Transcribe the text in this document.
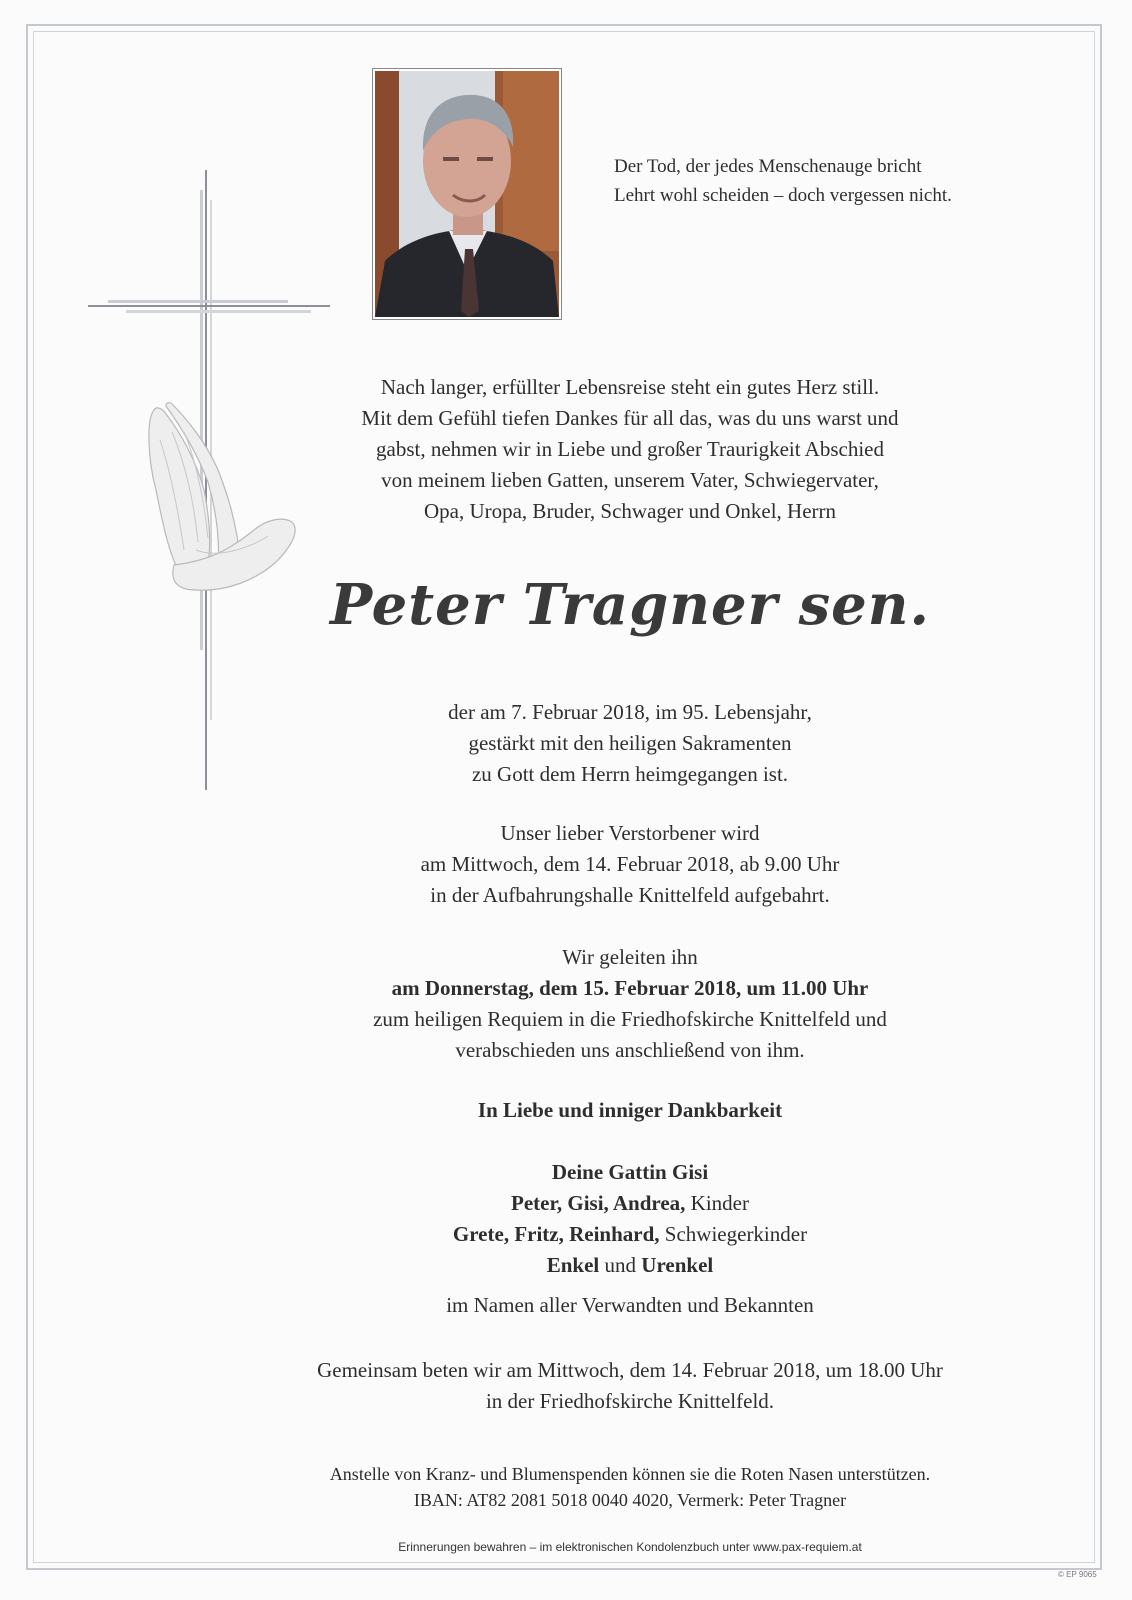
Der Tod, der jedes Menschenauge bricht
Lehrt wohl scheiden – doch vergessen nicht.
Nach langer, erfüllter Lebensreise steht ein gutes Herz still.
Mit dem Gefühl tiefen Dankes für all das, was du uns warst und
gabst, nehmen wir in Liebe und großer Traurigkeit Abschied
von meinem lieben Gatten, unserem Vater, Schwiegervater,
Opa, Uropa, Bruder, Schwager und Onkel, Herrn
Peter Tragner sen.
der am 7. Februar 2018, im 95. Lebensjahr,
gestärkt mit den heiligen Sakramenten
zu Gott dem Herrn heimgegangen ist.
Unser lieber Verstorbener wird
am Mittwoch, dem 14. Februar 2018, ab 9.00 Uhr
in der Aufbahrungshalle Knittelfeld aufgebahrt.
Wir geleiten ihn
am Donnerstag, dem 15. Februar 2018, um 11.00 Uhr
zum heiligen Requiem in die Friedhofskirche Knittelfeld und
verabschieden uns anschließend von ihm.
In Liebe und inniger Dankbarkeit
Deine Gattin Gisi
Peter, Gisi, Andrea, Kinder
Grete, Fritz, Reinhard, Schwiegerkinder
Enkel und Urenkel
im Namen aller Verwandten und Bekannten
Gemeinsam beten wir am Mittwoch, dem 14. Februar 2018, um 18.00 Uhr
in der Friedhofskirche Knittelfeld.
Anstelle von Kranz- und Blumenspenden können sie die Roten Nasen unterstützen.
IBAN: AT82 2081 5018 0040 4020, Vermerk: Peter Tragner
Erinnerungen bewahren – im elektronischen Kondolenzbuch unter www.pax-requiem.at
© EP 9065
